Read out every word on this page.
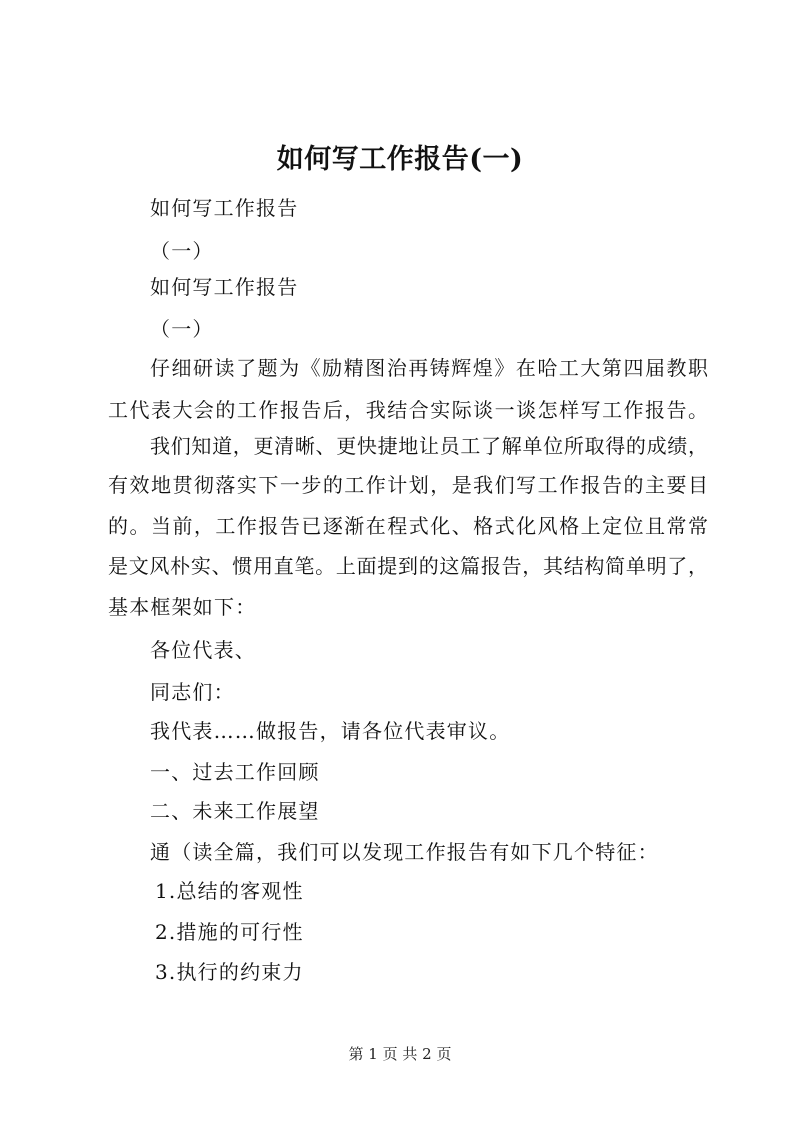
如何写工作报告(一)
如何写工作报告
（一）
如何写工作报告
（一）
仔细研读了题为《励精图治再铸辉煌》在哈工大第四届教职
工代表大会的工作报告后，我结合实际谈一谈怎样写工作报告。
我们知道，更清晰、更快捷地让员工了解单位所取得的成绩，
有效地贯彻落实下一步的工作计划，是我们写工作报告的主要目
的。当前，工作报告已逐渐在程式化、格式化风格上定位且常常
是文风朴实、惯用直笔。上面提到的这篇报告，其结构简单明了，
基本框架如下：
各位代表、
同志们：
我代表……做报告，请各位代表审议。
一、过去工作回顾
二、未来工作展望
通（读全篇，我们可以发现工作报告有如下几个特征：
1.总结的客观性
2.措施的可行性
3.执行的约束力
第 1 页 共 2 页
